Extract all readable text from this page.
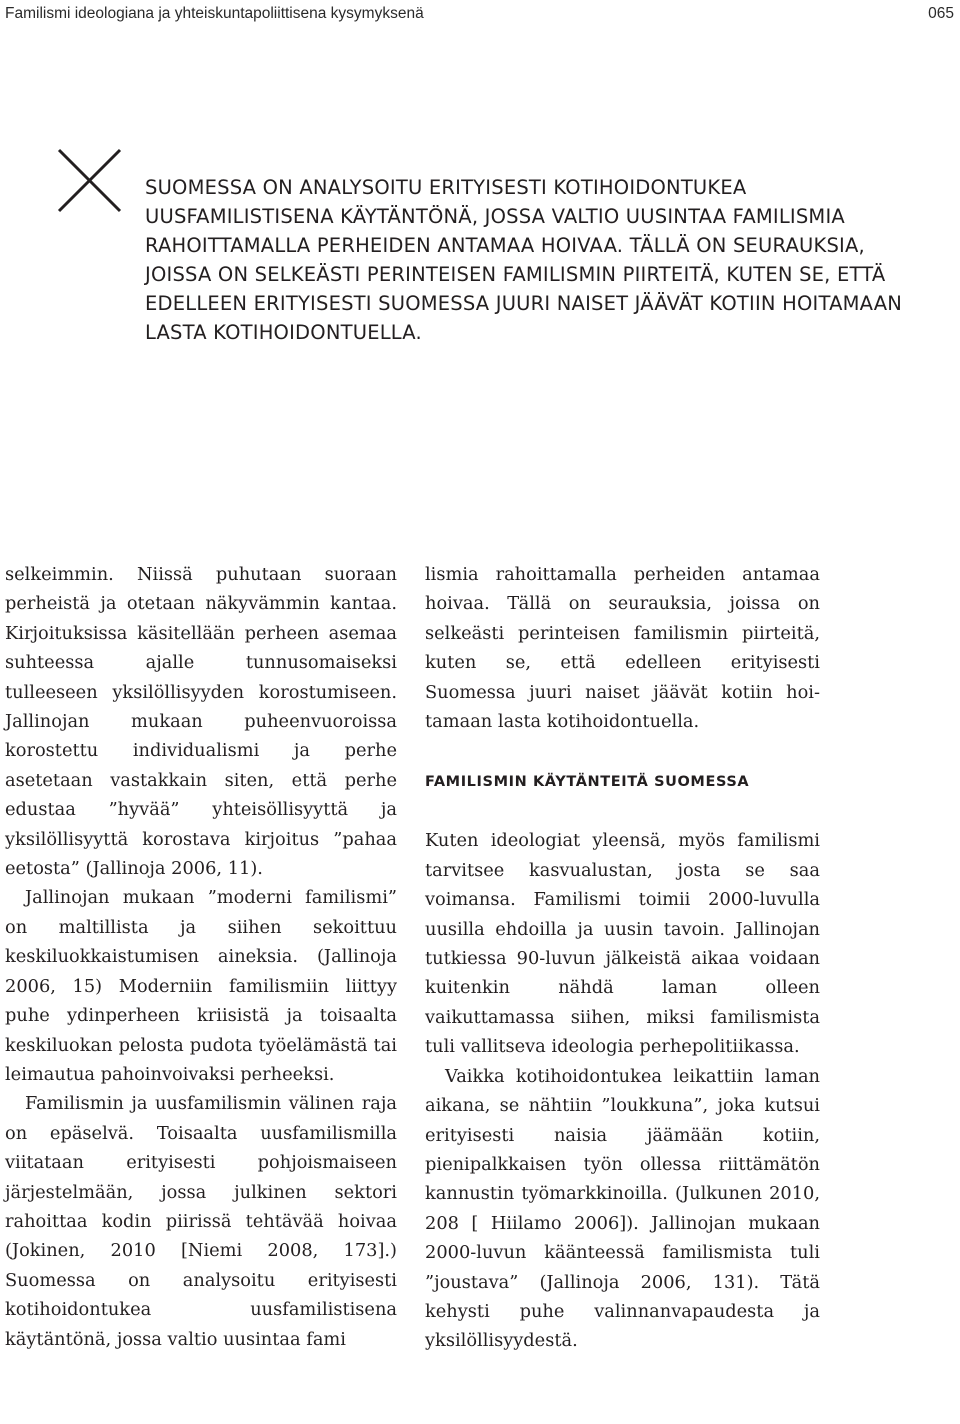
Familismi ideologiana ja yhteiskuntapoliittisena kysymyksenä	065

SUOMESSA ON ANALYSOITU ERITYISESTI KOTIHOIDONTUKEA UUSFAMILISTISENA KÄYTÄNTÖNÄ, JOSSA VALTIO UUSINTAA FAMILISMIA RAHOITTAMALLA PERHEIDEN ANTAMAA HOIVAA. TÄLLÄ ON SEURAUKSIA, JOISSA ON SELKEÄSTI PERINTEISEN FAMILISMIN PIIRTEITÄ, KUTEN SE, ETTÄ EDELLEEN ERITYISESTI SUOMESSA JUURI NAISET JÄÄVÄT KOTIIN HOITAMAAN LASTA KOTIHOIDONTUELLA.

selkeimmin. Niissä puhutaan suoraan perheistä ja otetaan näkyvämmin kantaa. Kirjoituksissa käsitellään perheen asemaa suhteessa ajalle tunnusomaiseksi tulleeseen yksilöllisyyden korostumiseen. Jallinojan mukaan puheenvuoroissa korostettu individualismi ja perhe asetetaan vastakkain siten, että perhe edustaa ”hyvää” yhteisöllisyyttä ja yksilöllisyyttä korostava kirjoitus ”pahaa eetosta” (Jallinoja 2006, 11).

Jallinojan mukaan ”moderni familismi” on maltillista ja siihen sekoittuu keskiluokkaistumisen aineksia. (Jallinoja 2006, 15) Moderniin familismiin liittyy puhe ydinperheen kriisistä ja toisaalta keskiluokan pelosta pudota työelämästä tai leimautua pahoinvoivaksi perheeksi.

Familismin ja uusfamilismin välinen raja on epäselvä. Toisaalta uusfamilismilla viitataan erityisesti pohjoismaiseen järjestelmään, jossa julkinen sektori rahoittaa kodin piirissä tehtävää hoivaa (Jokinen, 2010 [Niemi 2008, 173].) Suomessa on analysoitu erityisesti kotihoidontukea uusfamilistisena käytäntönä, jossa valtio uusintaa fami

lismia rahoittamalla perheiden antamaa hoivaa. Tällä on seurauksia, joissa on selkeästi perinteisen familismin piirteitä, kuten se, että edelleen erityisesti Suomessa juuri naiset jäävät kotiin hoitamaan lasta kotihoidontuella.

FAMILISMIN KÄYTÄNTEITÄ SUOMESSA

Kuten ideologiat yleensä, myös familismi tarvitsee kasvualustan, josta se saa voimansa. Familismi toimii 2000-luvulla uusilla ehdoilla ja uusin tavoin. Jallinojan tutkiessa 90-luvun jälkeistä aikaa voidaan kuitenkin nähdä laman olleen vaikuttamassa siihen, miksi familismista tuli vallitseva ideologia perhepolitiikassa.

Vaikka kotihoidontukea leikattiin laman aikana, se nähtiin ”loukkuna”, joka kutsui erityisesti naisia jäämään kotiin, pienipalkkaisen työn ollessa riittämätön kannustin työmarkkinoilla. (Julkunen 2010, 208 [ Hiilamo 2006]). Jallinojan mukaan 2000-luvun käänteessä familismista tuli ”joustava” (Jallinoja 2006, 131). Tätä kehysti puhe valinnanvapaudesta ja yksilöllisyydestä.
